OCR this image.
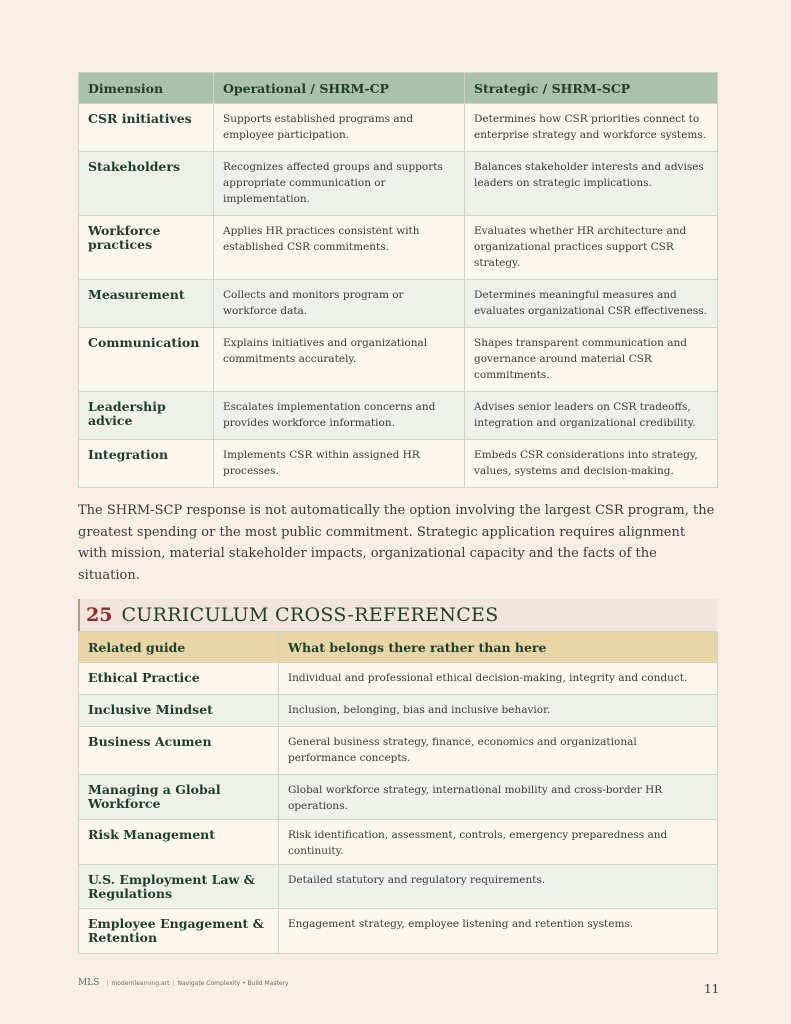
Dimension	Operational / SHRM-CP	Strategic / SHRM-SCP
CSR initiatives	Supports established programs and employee participation.	Determines how CSR priorities connect to enterprise strategy and workforce systems.
Stakeholders	Recognizes affected groups and supports appropriate communication or implementation.	Balances stakeholder interests and advises leaders on strategic implications.
Workforce practices	Applies HR practices consistent with established CSR commitments.	Evaluates whether HR architecture and organizational practices support CSR strategy.
Measurement	Collects and monitors program or workforce data.	Determines meaningful measures and evaluates organizational CSR effectiveness.
Communication	Explains initiatives and organizational commitments accurately.	Shapes transparent communication and governance around material CSR commitments.
Leadership advice	Escalates implementation concerns and provides workforce information.	Advises senior leaders on CSR tradeoffs, integration and organizational credibility.
Integration	Implements CSR within assigned HR processes.	Embeds CSR considerations into strategy, values, systems and decision-making.

The SHRM-SCP response is not automatically the option involving the largest CSR program, the greatest spending or the most public commitment. Strategic application requires alignment with mission, material stakeholder impacts, organizational capacity and the facts of the situation.

25 CURRICULUM CROSS-REFERENCES
Related guide	What belongs there rather than here
Ethical Practice	Individual and professional ethical decision-making, integrity and conduct.
Inclusive Mindset	Inclusion, belonging, bias and inclusive behavior.
Business Acumen	General business strategy, finance, economics and organizational performance concepts.
Managing a Global Workforce	Global workforce strategy, international mobility and cross-border HR operations.
Risk Management	Risk identification, assessment, controls, emergency preparedness and continuity.
U.S. Employment Law & Regulations	Detailed statutory and regulatory requirements.
Employee Engagement & Retention	Engagement strategy, employee listening and retention systems.
MLS | modernlearning.art | Navigate Complexity • Build Mastery	11
